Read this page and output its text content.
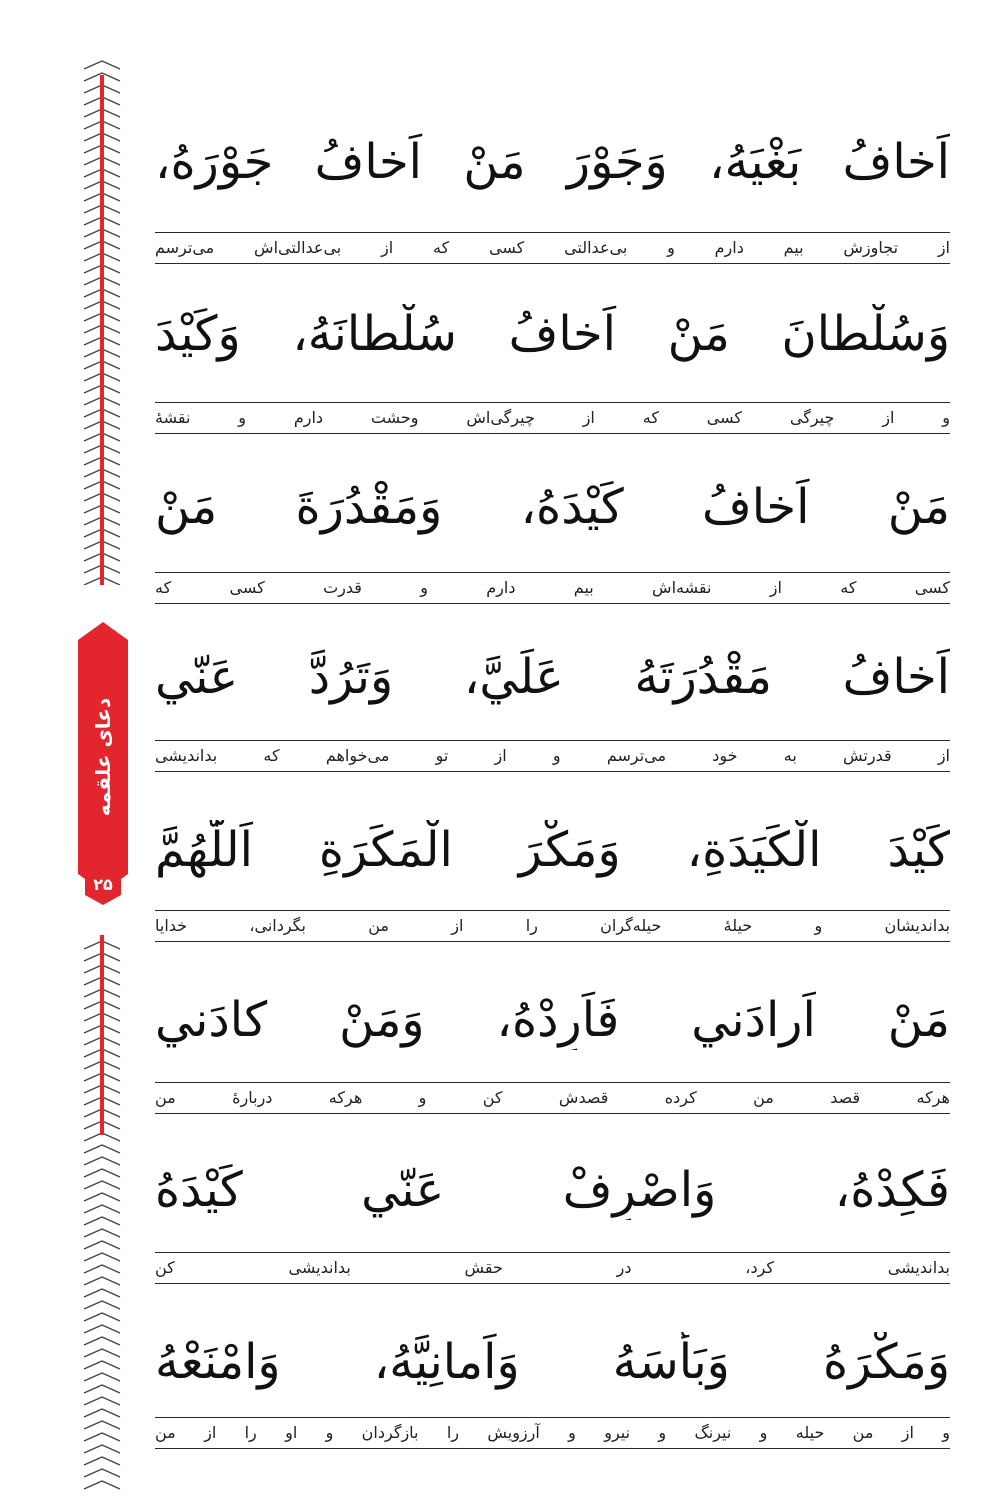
دعای علقمه
۲۵
اَخافُ بَغْيَهُ، وَجَوْرَ مَنْ اَخافُ جَوْرَهُ،
از تجاوزش بیم دارم و بی‌عدالتی کسی که از بی‌عدالتی‌اش می‌ترسم
وَسُلْطانَ مَنْ اَخافُ سُلْطانَهُ، وَكَيْدَ
و از چیرگی کسی که از چیرگی‌اش وحشت دارم و نقشهٔ
مَنْ اَخافُ كَيْدَهُ، وَمَقْدُرَةَ مَنْ
کسی که از نقشه‌اش بیم دارم و قدرت کسی که
اَخافُ مَقْدُرَتَهُ عَلَيَّ، وَتَرُدَّ عَنّي
از قدرتش به خود می‌ترسم و از تو می‌خواهم که بداندیشی
كَيْدَ الْكَيَدَةِ، وَمَكْرَ الْمَكَرَةِ اَللّٰهُمَّ
بداندیشان و حیلهٔ حیله‌گران را از من بگردانی، خدایا
مَنْ اَرادَني فَاَرِدْهُ، وَمَنْ كادَني
هرکه قصد من کرده قصدش کن و هرکه دربارهٔ من
فَكِدْهُ، وَاصْرِفْ عَنّي كَيْدَهُ
بداندیشی کرد، در حقش بداندیشی کن
وَمَكْرَهُ وَبَأْسَهُ وَاَمانِيَّهُ، وَامْنَعْهُ
و از من حیله و نیرنگ و نیرو و آرزویش را بازگردان و او را از من
